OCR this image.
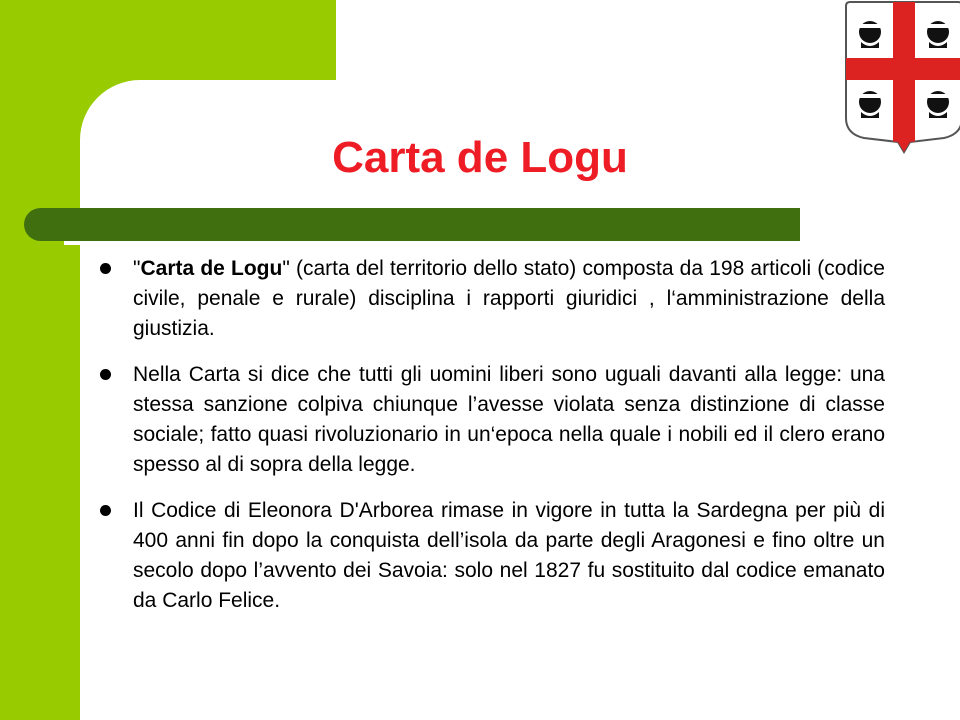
Carta de Logu
"Carta de Logu" (carta del territorio dello stato) composta da 198 articoli (codice civile, penale e rurale) disciplina i rapporti giuridici , l‘amministrazione della giustizia.
Nella Carta si dice che tutti gli uomini liberi sono uguali davanti alla legge: una stessa sanzione colpiva chiunque l’avesse violata senza distinzione di classe sociale; fatto quasi rivoluzionario in un‘epoca nella quale i nobili ed il clero erano spesso al di sopra della legge.
Il Codice di Eleonora D'Arborea rimase in vigore in tutta la Sardegna per più di 400 anni fin dopo la conquista dell’isola da parte degli Aragonesi e fino oltre un secolo dopo l’avvento dei Savoia: solo nel 1827 fu sostituito dal codice emanato da Carlo Felice.
